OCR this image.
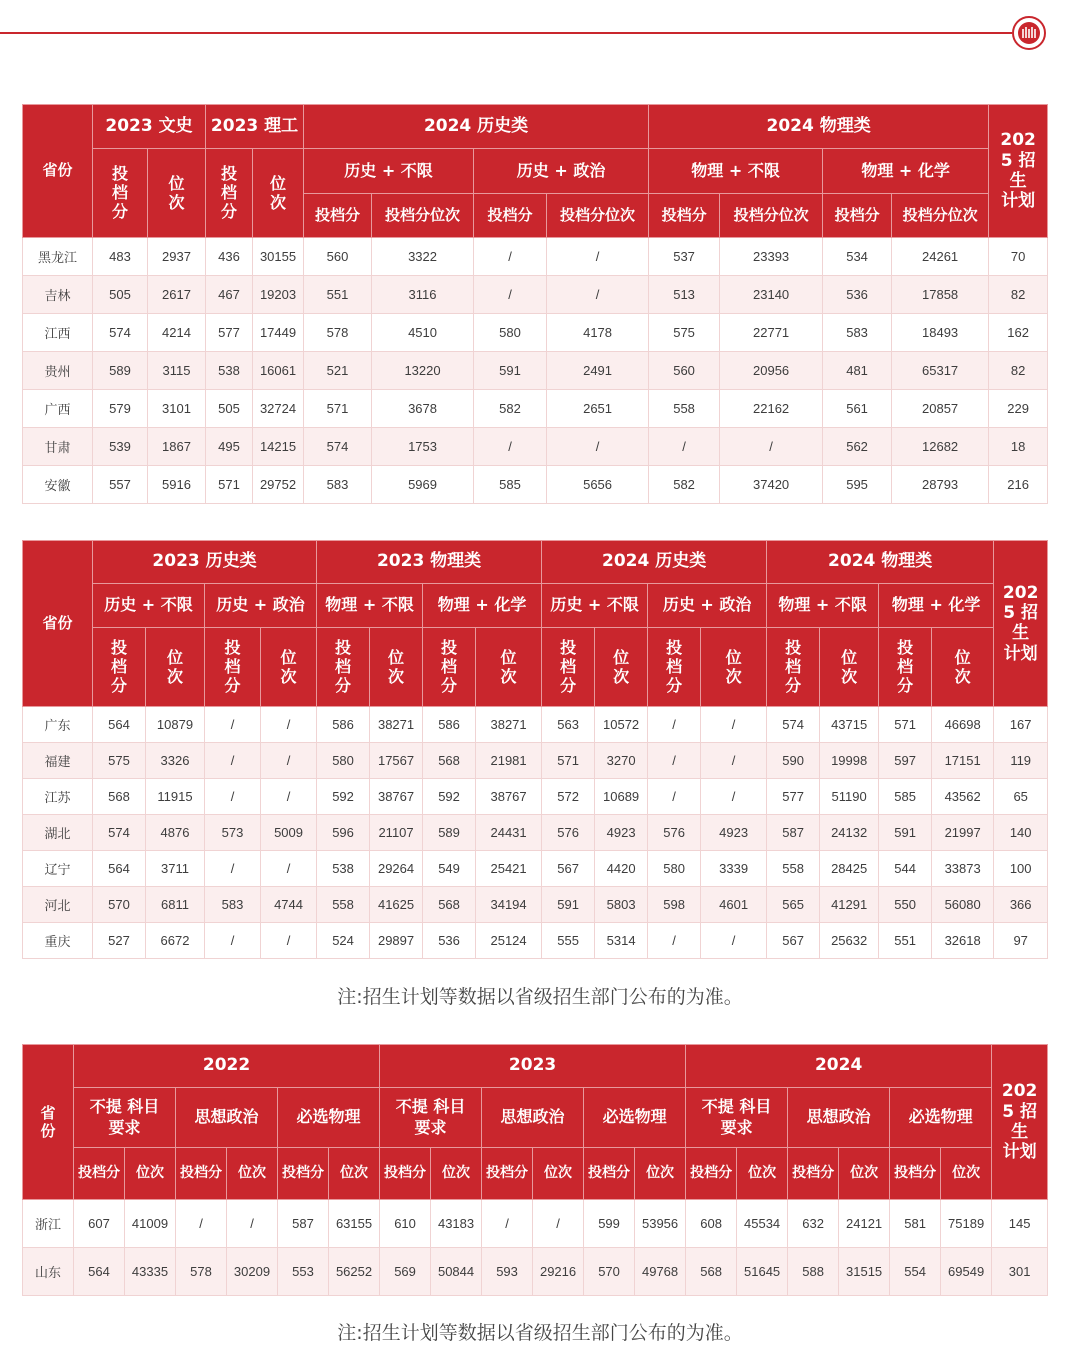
省份	2023 文史		2023 理工		2024 历史类				2024 物理类				2025 招生 计划
	投档分	位次	投档分	位次	历史 + 不限		历史 + 政治		物理 + 不限		物理 + 化学		
					投档分	投档分位次	投档分	投档分位次	投档分	投档分位次	投档分	投档分位次	
黑龙江	483	2937	436	30155	560	3322	/	/	537	23393	534	24261	70
吉林	505	2617	467	19203	551	3116	/	/	513	23140	536	17858	82
江西	574	4214	577	17449	578	4510	580	4178	575	22771	583	18493	162
贵州	589	3115	538	16061	521	13220	591	2491	560	20956	481	65317	82
广西	579	3101	505	32724	571	3678	582	2651	558	22162	561	20857	229
甘肃	539	1867	495	14215	574	1753	/	/	/	/	562	12682	18
安徽	557	5916	571	29752	583	5969	585	5656	582	37420	595	28793	216
省份	2023 历史类				2023 物理类				2024 历史类				2024 物理类				2025 招生 计划
	历史 + 不限		历史 + 政治		物理 + 不限		物理 + 化学		历史 + 不限		历史 + 政治		物理 + 不限		物理 + 化学		
	投档分	位次	投档分	位次	投档分	位次	投档分	位次	投档分	位次	投档分	位次	投档分	位次	投档分	位次	
广东	564	10879	/	/	586	38271	586	38271	563	10572	/	/	574	43715	571	46698	167
福建	575	3326	/	/	580	17567	568	21981	571	3270	/	/	590	19998	597	17151	119
江苏	568	11915	/	/	592	38767	592	38767	572	10689	/	/	577	51190	585	43562	65
湖北	574	4876	573	5009	596	21107	589	24431	576	4923	576	4923	587	24132	591	21997	140
辽宁	564	3711	/	/	538	29264	549	25421	567	4420	580	3339	558	28425	544	33873	100
河北	570	6811	583	4744	558	41625	568	34194	591	5803	598	4601	565	41291	550	56080	366
重庆	527	6672	/	/	524	29897	536	25124	555	5314	/	/	567	25632	551	32618	97
注:招生计划等数据以省级招生部门公布的为准。
省份	2022						2023						2024						2025 招生 计划
	不提 科目要求		思想政治		必选物理		不提 科目要求		思想政治		必选物理		不提 科目要求		思想政治		必选物理		
	投档分	位次	投档分	位次	投档分	位次	投档分	位次	投档分	位次	投档分	位次	投档分	位次	投档分	位次	投档分	位次	
浙江	607	41009	/	/	587	63155	610	43183	/	/	599	53956	608	45534	632	24121	581	75189	145
山东	564	43335	578	30209	553	56252	569	50844	593	29216	570	49768	568	51645	588	31515	554	69549	301
注:招生计划等数据以省级招生部门公布的为准。
